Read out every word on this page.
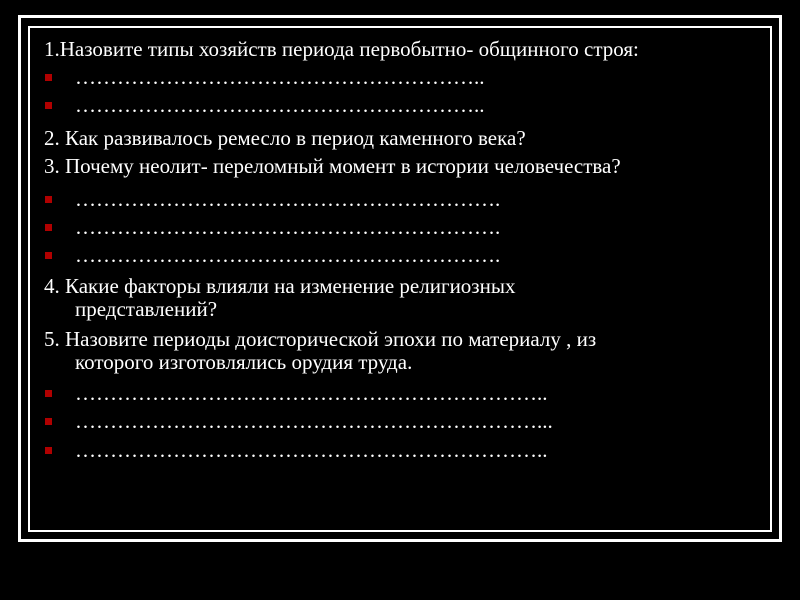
1.Назовите типы хозяйств периода первобытно- общинного строя:
…………………………………………………..
…………………………………………………..
2. Как развивалось ремесло в период каменного века?
3. Почему неолит- переломный момент в истории человечества?
…………………………………………………….
…………………………………………………….
…………………………………………………….
4. Какие факторы влияли на изменение религиозных
представлений?
5. Назовите периоды доисторической эпохи по материалу , из
которого изготовлялись орудия труда.
…………………………………………………………..
…………………………………………………………...
…………………………………………………………..
